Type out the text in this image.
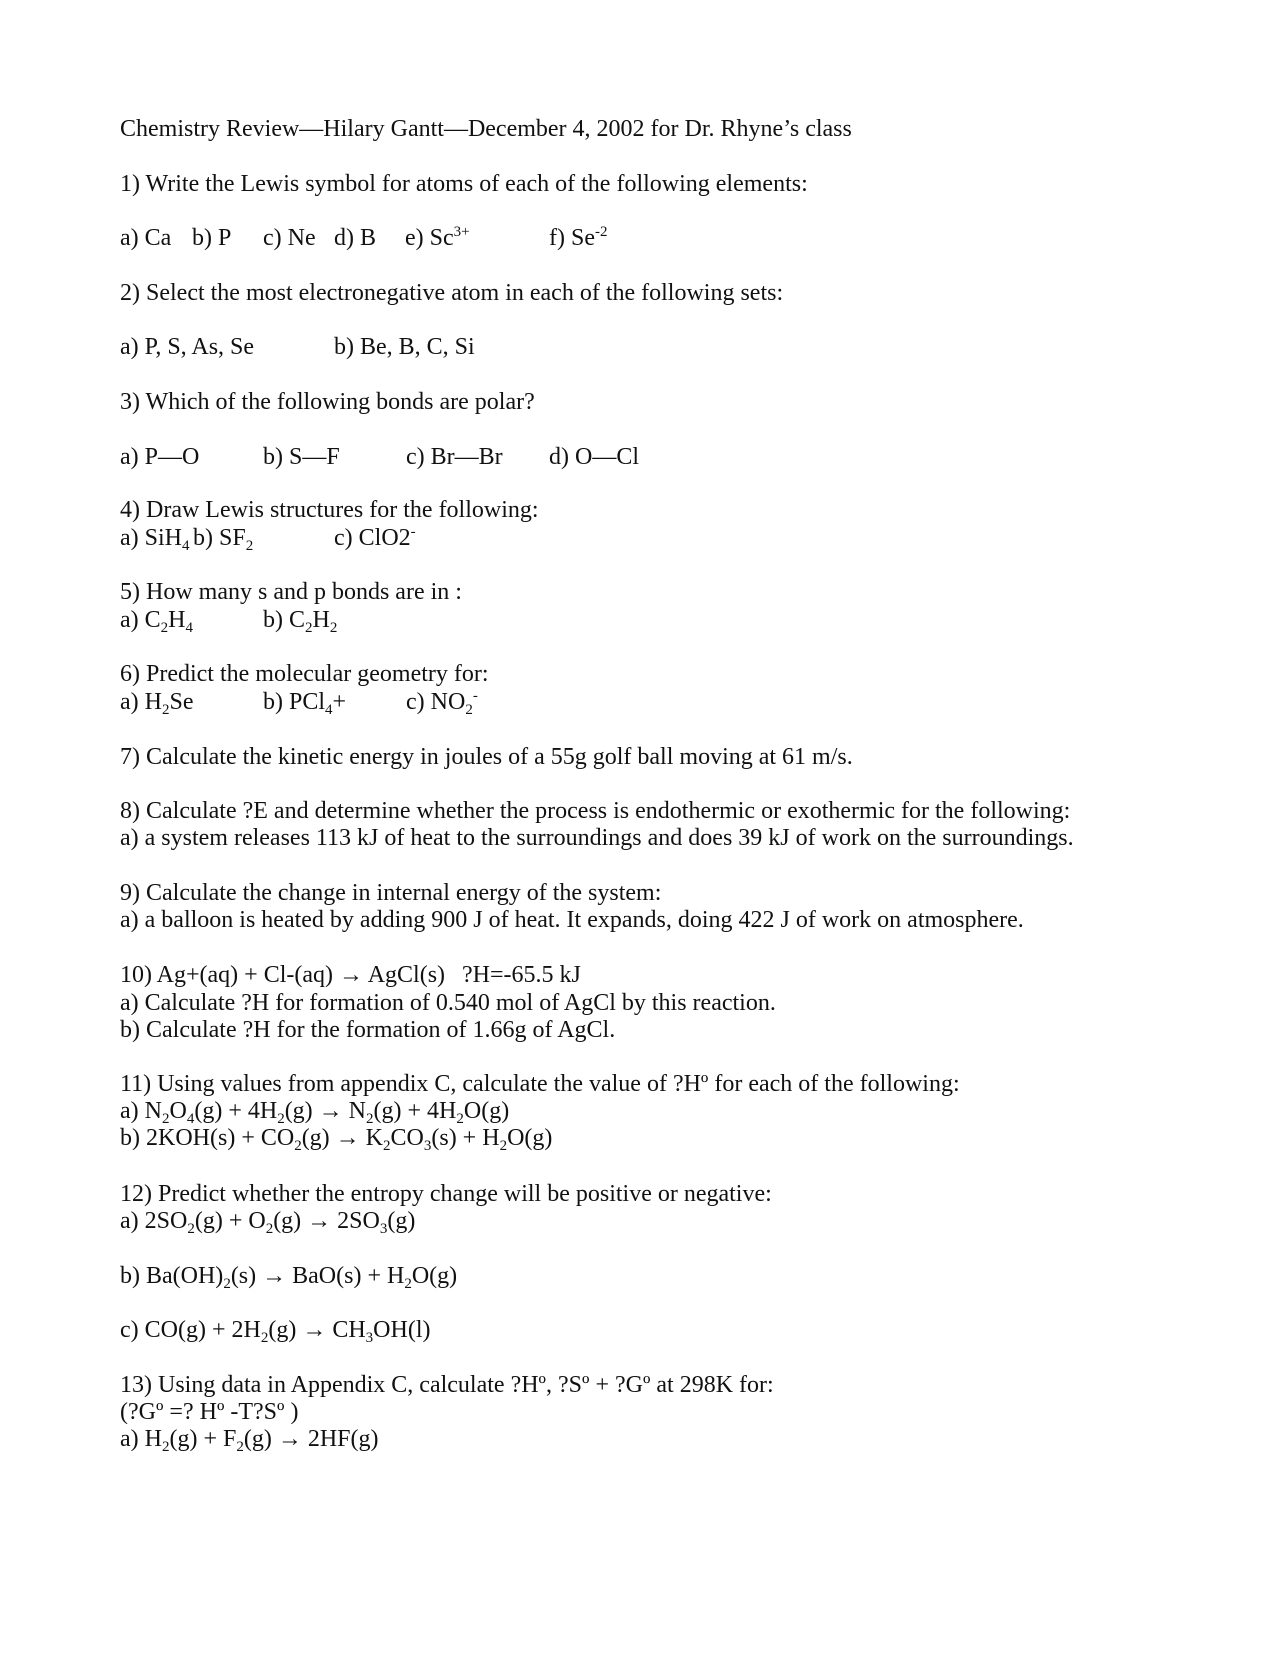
Chemistry Review—Hilary Gantt—December 4, 2002 for Dr. Rhyne’s class
1) Write the Lewis symbol for atoms of each of the following elements:
a) Ca b) P c) Ne d) B e) $Sc^{3+}$	f) $Se^{-2}$
2) Select the most electronegative atom in each of the following sets:
a) P, S, As, Se	b) Be, B, C, Si
3) Which of the following bonds are polar?
a) P—O	b) S—F	c) Br—Br d) O—Cl
4) Draw Lewis structures for the following:
a) SiH$_4$ b) $SF_2$	c) ClO2-
5) How many s and p bonds are in :
a) $C_2H_4$	b) $C_2H_2$
6) Predict the molecular geometry for:
a) $H_2Se$	b) PCl$_4$+ c) $NO_2^-$
7) Calculate the kinetic energy in joules of a 55g golf ball moving at 61 m/s.
8) Calculate ?E and determine whether the process is endothermic or exothermic for the following:
a) a system releases 113 kJ of heat to the surroundings and does 39 kJ of work on the surroundings.
9) Calculate the change in internal energy of the system:
a) a balloon is heated by adding 900 J of heat. It expands, doing 422 J of work on atmosphere.
10) Ag+(aq) + Cl-(aq) → AgCl(s) ?H=-65.5 kJ
a) Calculate ?H for formation of 0.540 mol of AgCl by this reaction.
b) Calculate ?H for the formation of 1.66g of AgCl.
11) Using values from appendix C, calculate the value of ?Hº for each of the following:
a) $N_2O_4(g) + 4H_2(g) \to N_2(g) + 4H_2O(g)$
b) $2KOH(s) + CO_2(g) \to K_2CO_3(s) + H_2O(g)$
12) Predict whether the entropy change will be positive or negative:
a) $2SO_2(g) + O_2(g) \to 2SO_3(g)$
b) $Ba(OH)_2(s) \to BaO(s) + H_2O(g)$
c) $CO(g) + 2H_2(g) \to CH_3OH(l)$
13) Using data in Appendix C, calculate ?Hº, ?Sº + ?Gº at 298K for:
(?Gº =? Hº -T?Sº )
a) $H_2(g) + F_2(g) \to 2HF(g)$
